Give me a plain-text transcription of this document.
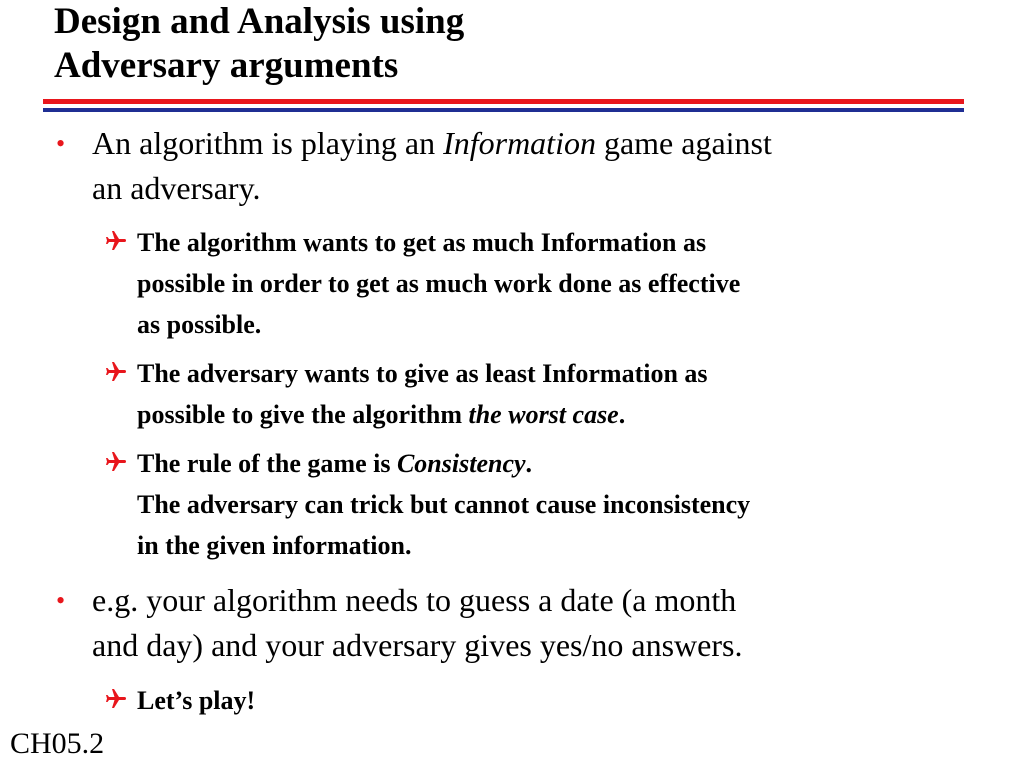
Design and Analysis using
Adversary arguments
• An algorithm is playing an Information game against
an adversary.
The algorithm wants to get as much Information as
possible in order to get as much work done as effective
as possible.
The adversary wants to give as least Information as
possible to give the algorithm the worst case.
The rule of the game is Consistency.
The adversary can trick but cannot cause inconsistency
in the given information.
• e.g. your algorithm needs to guess a date (a month
and day) and your adversary gives yes/no answers.
Let’s play!
CH05.2
